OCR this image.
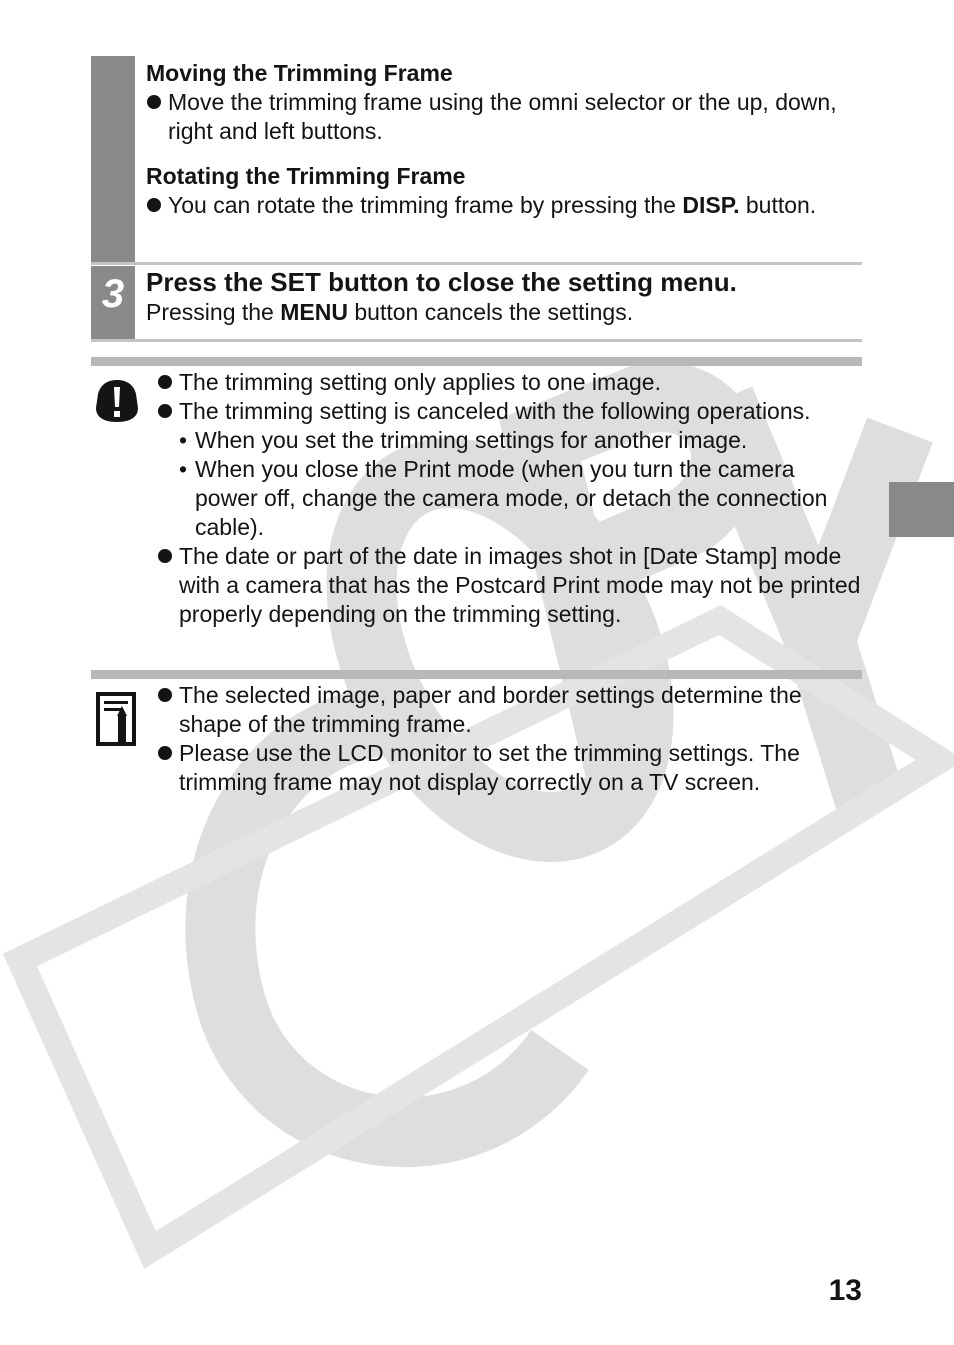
Moving the Trimming Frame

Move the trimming frame using the omni selector or the up, down, right and left buttons.

Rotating the Trimming Frame

You can rotate the trimming frame by pressing the DISP. button.

3 Press the SET button to close the setting menu.

Pressing the MENU button cancels the settings.

The trimming setting only applies to one image.

The trimming setting is canceled with the following operations.

• When you set the trimming settings for another image.

• When you close the Print mode (when you turn the camera power off, change the camera mode, or detach the connection cable).

The date or part of the date in images shot in [Date Stamp] mode with a camera that has the Postcard Print mode may not be printed properly depending on the trimming setting.

The selected image, paper and border settings determine the shape of the trimming frame.

Please use the LCD monitor to set the trimming settings. The trimming frame may not display correctly on a TV screen.

13
